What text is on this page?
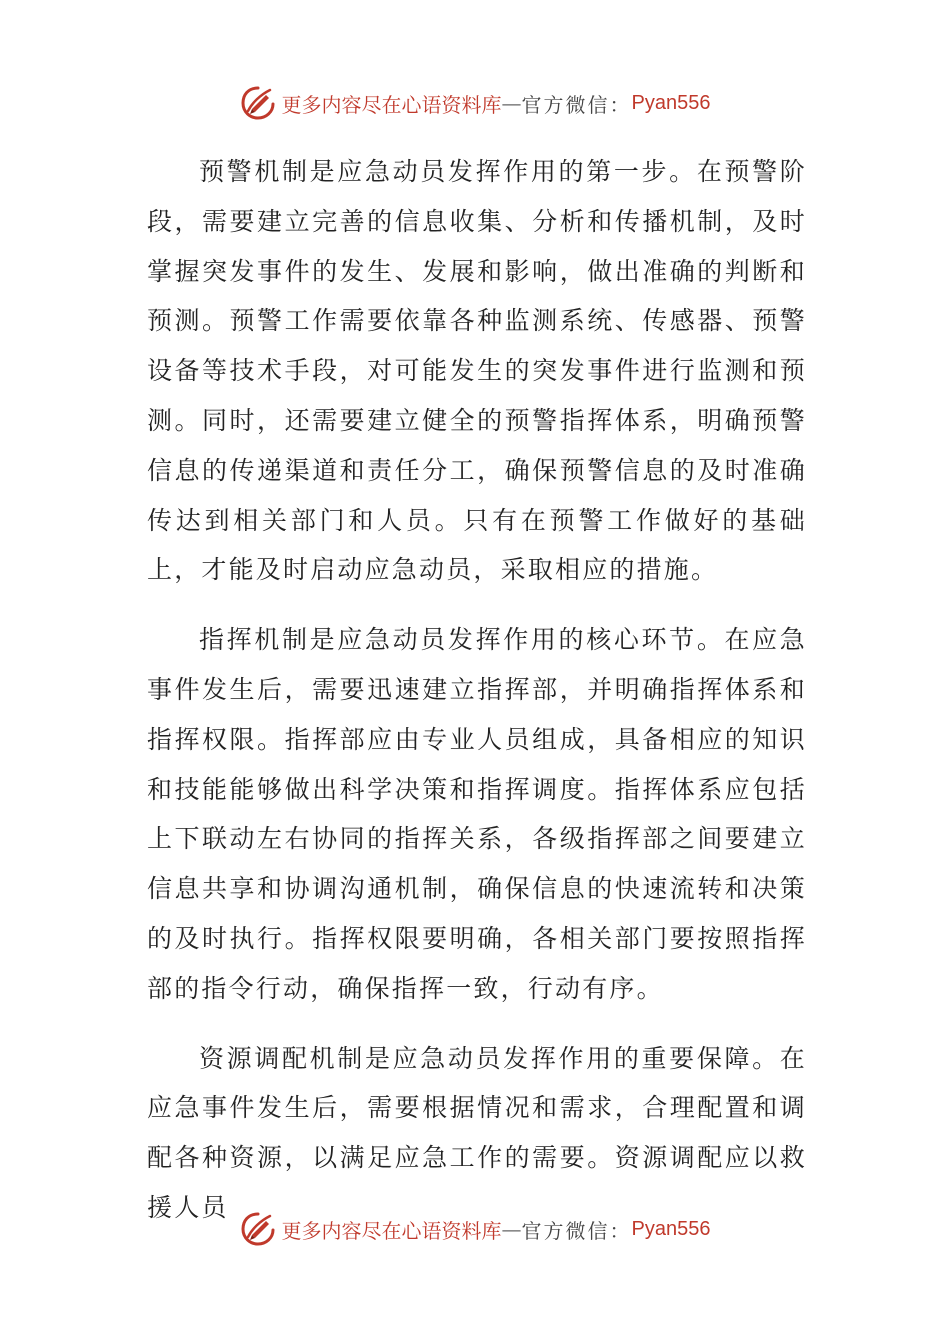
更多内容尽在心语资料库 — 官方微信： Pyan556

预警机制是应急动员发挥作用的第一步。在预警阶段，需要建立完善的信息收集、分析和传播机制，及时掌握突发事件的发生、发展和影响，做出准确的判断和预测。预警工作需要依靠各种监测系统、传感器、预警设备等技术手段，对可能发生的突发事件进行监测和预测。同时，还需要建立健全的预警指挥体系，明确预警信息的传递渠道和责任分工，确保预警信息的及时准确传达到相关部门和人员。只有在预警工作做好的基础上，才能及时启动应急动员，采取相应的措施。

指挥机制是应急动员发挥作用的核心环节。在应急事件发生后，需要迅速建立指挥部，并明确指挥体系和指挥权限。指挥部应由专业人员组成，具备相应的知识和技能能够做出科学决策和指挥调度。指挥体系应包括上下联动左右协同的指挥关系，各级指挥部之间要建立信息共享和协调沟通机制，确保信息的快速流转和决策的及时执行。指挥权限要明确，各相关部门要按照指挥部的指令行动，确保指挥一致，行动有序。

资源调配机制是应急动员发挥作用的重要保障。在应急事件发生后，需要根据情况和需求，合理配置和调配各种资源，以满足应急工作的需要。资源调配应以救援人员

更多内容尽在心语资料库 — 官方微信： Pyan556
